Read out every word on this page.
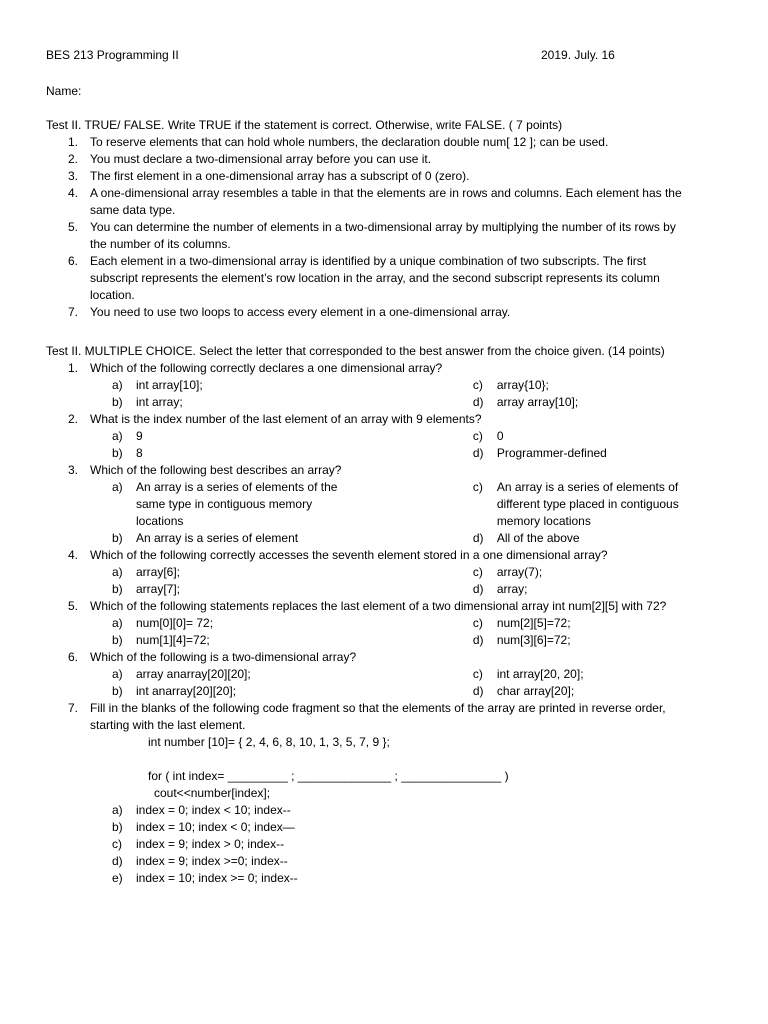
BES 213 Programming II	2019. July. 16
Name:
Test II. TRUE/ FALSE. Write TRUE if the statement is correct. Otherwise, write FALSE. ( 7 points)
1. To reserve elements that can hold whole numbers, the declaration double num[ 12 ]; can be used.
2. You must declare a two-dimensional array before you can use it.
3. The first element in a one-dimensional array has a subscript of 0 (zero).
4. A one-dimensional array resembles a table in that the elements are in rows and columns. Each element has the
same data type.
5. You can determine the number of elements in a two-dimensional array by multiplying the number of its rows by
the number of its columns.
6. Each element in a two-dimensional array is identified by a unique combination of two subscripts. The first
subscript represents the element’s row location in the array, and the second subscript represents its column
location.
7. You need to use two loops to access every element in a one-dimensional array.
Test II. MULTIPLE CHOICE. Select the letter that corresponded to the best answer from the choice given. (14 points)
1. Which of the following correctly declares a one dimensional array?
a) int array[10];	c) array{10};
b) int array;	d) array array[10];
2. What is the index number of the last element of an array with 9 elements?
a) 9	c) 0
b) 8	d) Programmer-defined
3. Which of the following best describes an array?
a) An array is a series of elements of the
same type in contiguous memory
locations
c) An array is a series of elements of
different type placed in contiguous
memory locations
b) An array is a series of element	d) All of the above
4. Which of the following correctly accesses the seventh element stored in a one dimensional array?
a) array[6];	c) array(7);
b) array[7];	d) array;
5. Which of the following statements replaces the last element of a two dimensional array int num[2][5] with 72?
a) num[0][0]= 72;	c) num[2][5]=72;
b) num[1][4]=72;	d) num[3][6]=72;
6. Which of the following is a two-dimensional array?
a) array anarray[20][20];	c) int array[20, 20];
b) int anarray[20][20];	d) char array[20];
7. Fill in the blanks of the following code fragment so that the elements of the array are printed in reverse order,
starting with the last element.
int number [10]= { 2, 4, 6, 8, 10, 1, 3, 5, 7, 9 };
for ( int index= _________ ; ______________ ; _______________ )
cout<<number[index];
a) index = 0; index < 10; index--
b) index = 10; index < 0; index—
c) index = 9; index > 0; index--
d) index = 9; index >=0; index--
e) index = 10; index >= 0; index--
